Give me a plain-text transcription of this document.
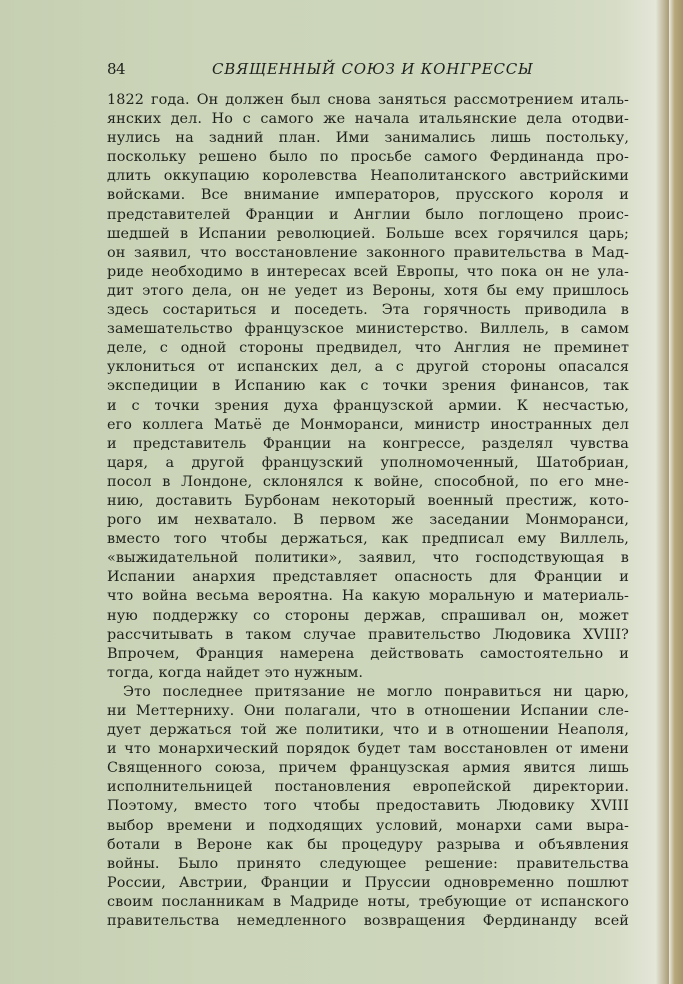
84	СВЯЩЕННЫЙ СОЮЗ И КОНГРЕССЫ
1822 года. Он должен был снова заняться рассмотрением италь-
янских дел. Но с самого же начала итальянские дела отодви-
нулись на задний план. Ими занимались лишь постольку,
поскольку решено было по просьбе самого Фердинанда про-
длить оккупацию королевства Неаполитанского австрийскими
войсками. Все внимание императоров, прусского короля и
представителей Франции и Англии было поглощено проис-
шедшей в Испании революцией. Больше всех горячился царь;
он заявил, что восстановление законного правительства в Мад-
риде необходимо в интересах всей Европы, что пока он не ула-
дит этого дела, он не уедет из Вероны, хотя бы ему пришлось
здесь состариться и поседеть. Эта горячность приводила в
замешательство французское министерство. Виллель, в самом
деле, с одной стороны предвидел, что Англия не преминет
уклониться от испанских дел, а с другой стороны опасался
экспедиции в Испанию как с точки зрения финансов, так
и с точки зрения духа французской армии. К несчастью,
его коллега Матьё де Монморанси, министр иностранных дел
и представитель Франции на конгрессе, разделял чувства
царя, а другой французский уполномоченный, Шатобриан,
посол в Лондоне, склонялся к войне, способной, по его мне-
нию, доставить Бурбонам некоторый военный престиж, кото-
рого им нехватало. В первом же заседании Монморанси,
вместо того чтобы держаться, как предписал ему Виллель,
«выжидательной политики», заявил, что господствующая в
Испании анархия представляет опасность для Франции и
что война весьма вероятна. На какую моральную и материаль-
ную поддержку со стороны держав, спрашивал он, может
рассчитывать в таком случае правительство Людовика XVIII?
Впрочем, Франция намерена действовать самостоятельно и
тогда, когда найдет это нужным.
Это последнее притязание не могло понравиться ни царю,
ни Меттерниху. Они полагали, что в отношении Испании сле-
дует держаться той же политики, что и в отношении Неаполя,
и что монархический порядок будет там восстановлен от имени
Священного союза, причем французская армия явится лишь
исполнительницей постановления европейской директории.
Поэтому, вместо того чтобы предоставить Людовику XVIII
выбор времени и подходящих условий, монархи сами выра-
ботали в Вероне как бы процедуру разрыва и объявления
войны. Было принято следующее решение: правительства
России, Австрии, Франции и Пруссии одновременно пошлют
своим посланникам в Мадриде ноты, требующие от испанского
правительства немедленного возвращения Фердинанду всей
